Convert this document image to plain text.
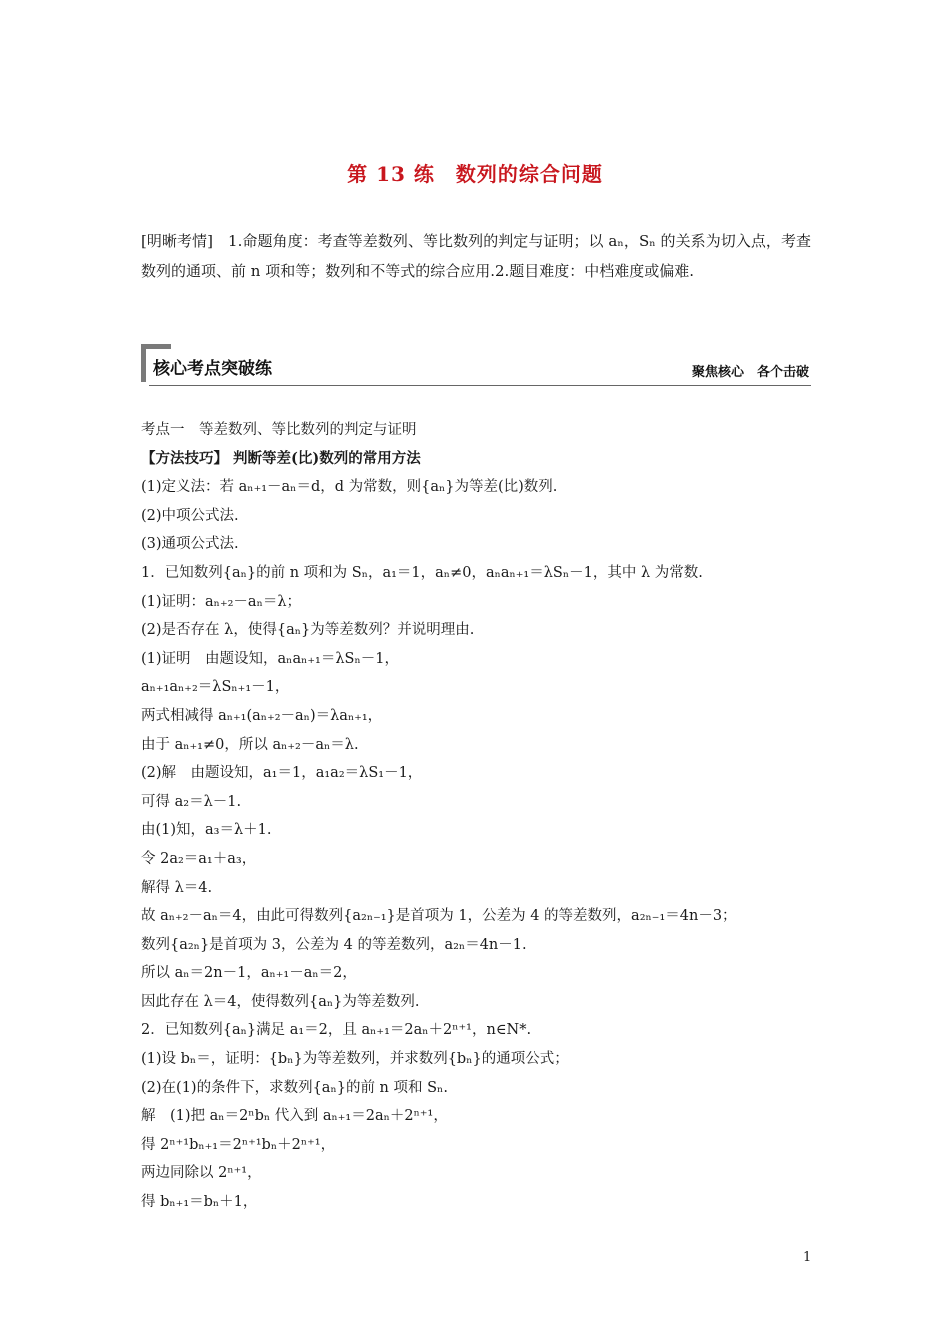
第 13 练　数列的综合问题
[明晰考情]　1.命题角度：考查等差数列、等比数列的判定与证明；以 aₙ，Sₙ 的关系为切入点，考查数列的通项、前 n 项和等；数列和不等式的综合应用.2.题目难度：中档难度或偏难.
核心考点突破练	聚焦核心　各个击破
考点一　等差数列、等比数列的判定与证明
【方法技巧】 判断等差(比)数列的常用方法
(1)定义法：若 aₙ₊₁－aₙ＝d，d 为常数，则{aₙ}为等差(比)数列.
(2)中项公式法.
(3)通项公式法.
1．已知数列{aₙ}的前 n 项和为 Sₙ，a₁＝1，aₙ≠0，aₙaₙ₊₁＝λSₙ－1，其中 λ 为常数.
(1)证明：aₙ₊₂－aₙ＝λ；
(2)是否存在 λ，使得{aₙ}为等差数列？并说明理由.
(1)证明　由题设知，aₙaₙ₊₁＝λSₙ－1，
aₙ₊₁aₙ₊₂＝λSₙ₊₁－1，
两式相减得 aₙ₊₁(aₙ₊₂－aₙ)＝λaₙ₊₁，
由于 aₙ₊₁≠0，所以 aₙ₊₂－aₙ＝λ.
(2)解　由题设知，a₁＝1，a₁a₂＝λS₁－1，
可得 a₂＝λ－1.
由(1)知，a₃＝λ＋1.
令 2a₂＝a₁＋a₃，
解得 λ＝4.
故 aₙ₊₂－aₙ＝4，由此可得数列{a₂ₙ₋₁}是首项为 1，公差为 4 的等差数列，a₂ₙ₋₁＝4n－3；
数列{a₂ₙ}是首项为 3，公差为 4 的等差数列，a₂ₙ＝4n－1.
所以 aₙ＝2n－1，aₙ₊₁－aₙ＝2，
因此存在 λ＝4，使得数列{aₙ}为等差数列.
2．已知数列{aₙ}满足 a₁＝2，且 aₙ₊₁＝2aₙ＋2ⁿ⁺¹，n∈N*.
(1)设 bₙ＝，证明：{bₙ}为等差数列，并求数列{bₙ}的通项公式；
(2)在(1)的条件下，求数列{aₙ}的前 n 项和 Sₙ.
解　(1)把 aₙ＝2ⁿbₙ 代入到 aₙ₊₁＝2aₙ＋2ⁿ⁺¹，
得 2ⁿ⁺¹bₙ₊₁＝2ⁿ⁺¹bₙ＋2ⁿ⁺¹，
两边同除以 2ⁿ⁺¹，
得 bₙ₊₁＝bₙ＋1，
1
